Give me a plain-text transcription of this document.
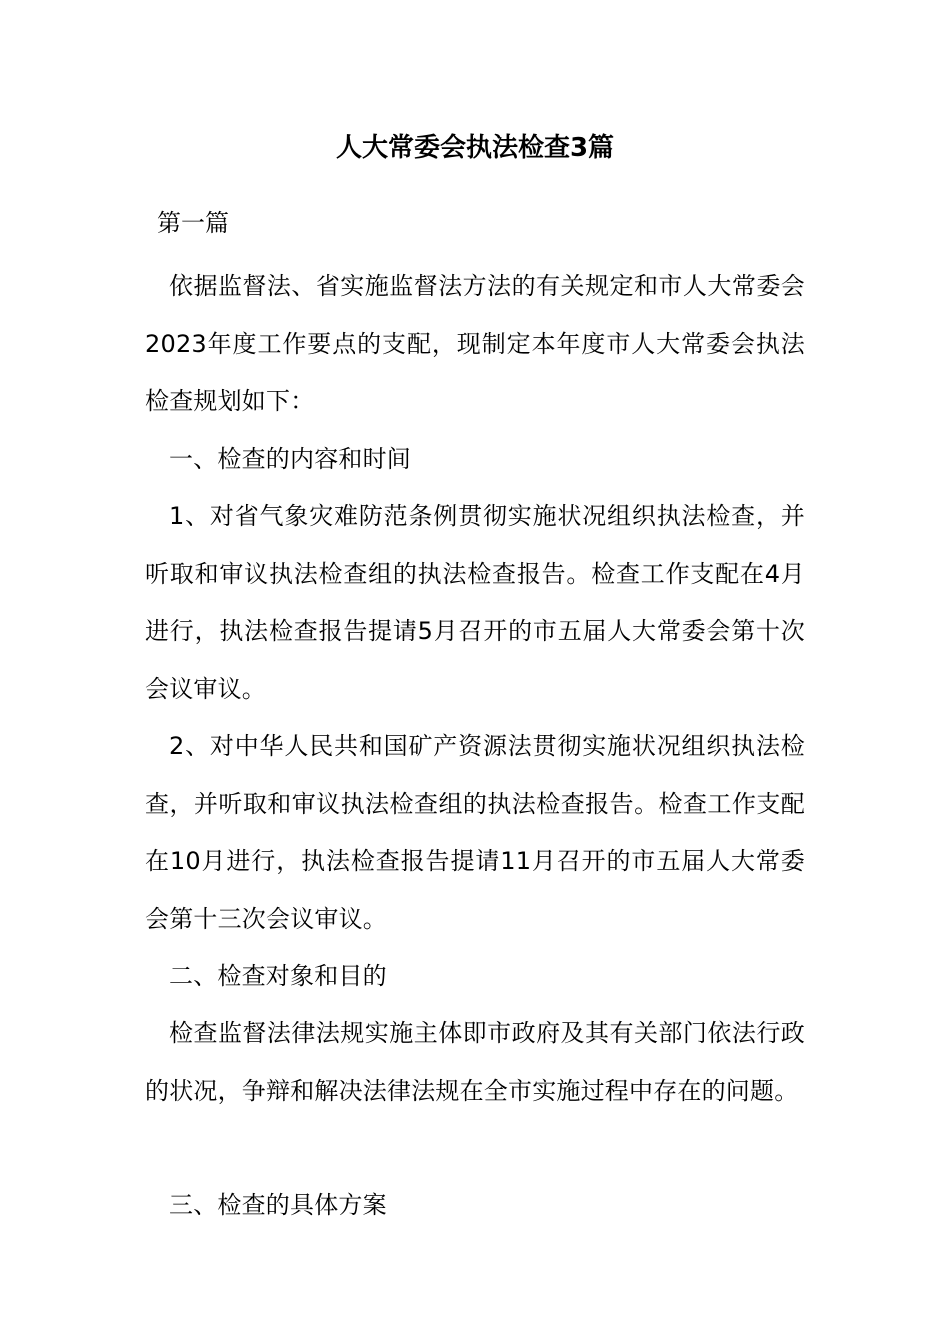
人大常委会执法检查3篇

第一篇

依据监督法、省实施监督法方法的有关规定和市人大常委会2023年度工作要点的支配，现制定本年度市人大常委会执法检查规划如下：

一、检查的内容和时间

1、对省气象灾难防范条例贯彻实施状况组织执法检查，并听取和审议执法检查组的执法检查报告。检查工作支配在4月进行，执法检查报告提请5月召开的市五届人大常委会第十次会议审议。

2、对中华人民共和国矿产资源法贯彻实施状况组织执法检查，并听取和审议执法检查组的执法检查报告。检查工作支配在10月进行，执法检查报告提请11月召开的市五届人大常委会第十三次会议审议。

二、检查对象和目的

检查监督法律法规实施主体即市政府及其有关部门依法行政的状况，争辩和解决法律法规在全市实施过程中存在的问题。

三、检查的具体方案
